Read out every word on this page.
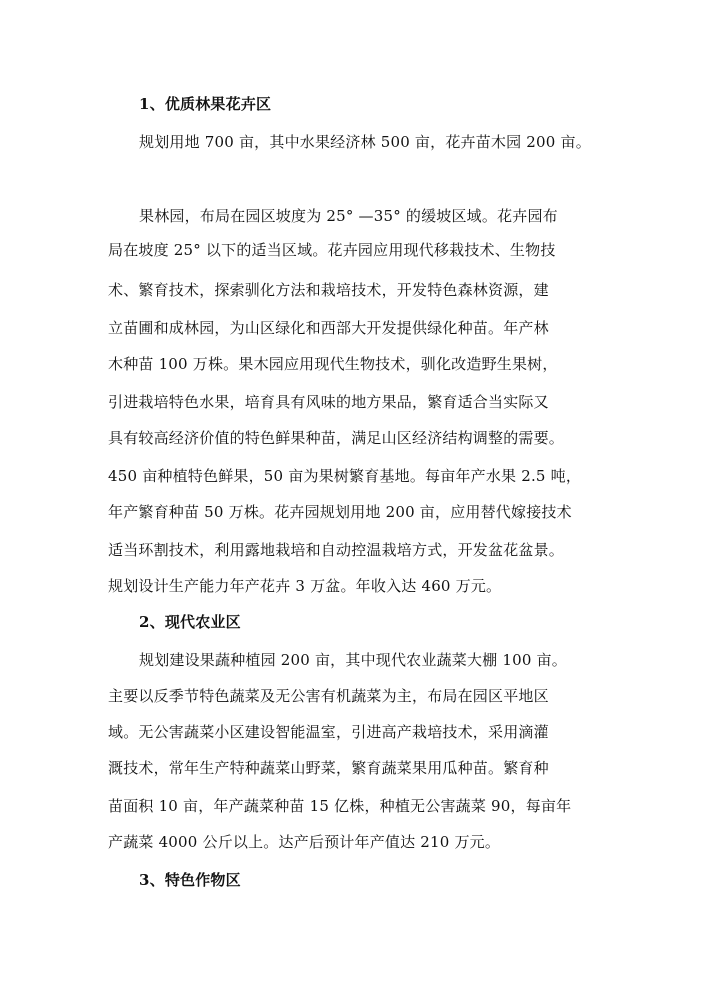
1、优质林果花卉区
规划用地 700 亩，其中水果经济林 500 亩，花卉苗木园 200 亩。
果林园，布局在园区坡度为 25° —35° 的缓坡区域。花卉园布
局在坡度 25° 以下的适当区域。花卉园应用现代移栽技术、生物技
术、繁育技术，探索驯化方法和栽培技术，开发特色森林资源，建
立苗圃和成林园，为山区绿化和西部大开发提供绿化种苗。年产林
木种苗 100 万株。果木园应用现代生物技术，驯化改造野生果树，
引进栽培特色水果，培育具有风味的地方果品，繁育适合当实际又
具有较高经济价值的特色鲜果种苗，满足山区经济结构调整的需要。
450 亩种植特色鲜果，50 亩为果树繁育基地。每亩年产水果 2.5 吨，
年产繁育种苗 50 万株。花卉园规划用地 200 亩，应用替代嫁接技术
适当环割技术，利用露地栽培和自动控温栽培方式，开发盆花盆景。
规划设计生产能力年产花卉 3 万盆。年收入达 460 万元。
2、现代农业区
规划建设果蔬种植园 200 亩，其中现代农业蔬菜大棚 100 亩。
主要以反季节特色蔬菜及无公害有机蔬菜为主，布局在园区平地区
域。无公害蔬菜小区建设智能温室，引进高产栽培技术，采用滴灌
溉技术，常年生产特种蔬菜山野菜，繁育蔬菜果用瓜种苗。繁育种
苗面积 10 亩，年产蔬菜种苗 15 亿株，种植无公害蔬菜 90，每亩年
产蔬菜 4000 公斤以上。达产后预计年产值达 210 万元。
3、特色作物区
